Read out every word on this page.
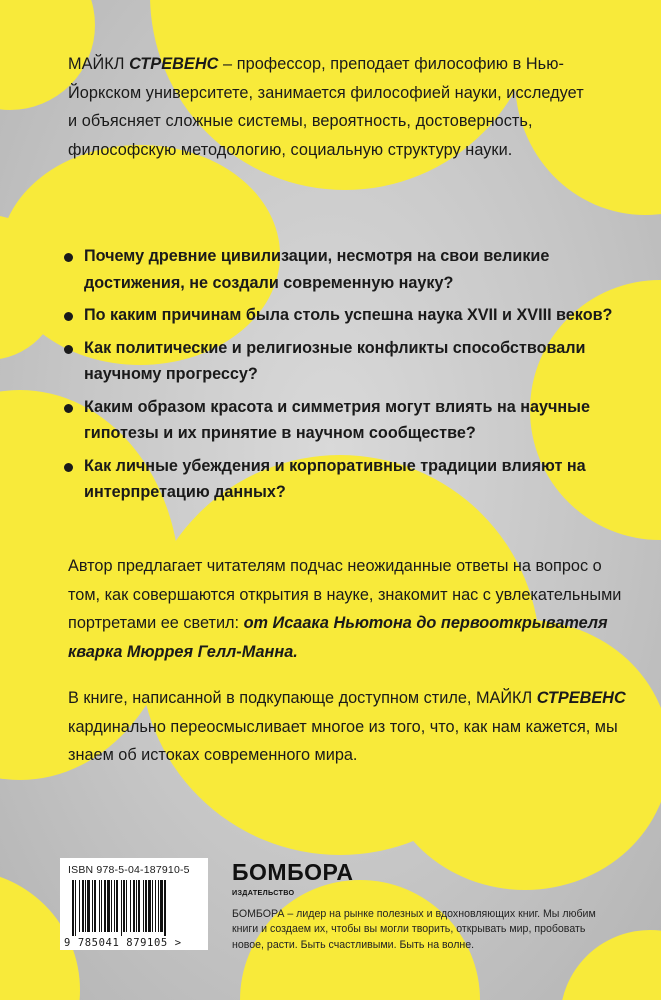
МАЙКЛ СТРЕВЕНС – профессор, преподает философию в Нью-Йоркском университете, занимается философией науки, исследует и объясняет сложные системы, вероятность, достоверность, философскую методологию, социальную структуру науки.
Почему древние цивилизации, несмотря на свои великие достижения, не создали современную науку?
По каким причинам была столь успешна наука XVII и XVIII веков?
Как политические и религиозные конфликты способствовали научному прогрессу?
Каким образом красота и симметрия могут влиять на научные гипотезы и их принятие в научном сообществе?
Как личные убеждения и корпоративные традиции влияют на интерпретацию данных?
Автор предлагает читателям подчас неожиданные ответы на вопрос о том, как совершаются открытия в науке, знакомит нас с увлекательными портретами ее светил: от Исаака Ньютона до первооткрывателя кварка Мюррея Гелл-Манна.
В книге, написанной в подкупающе доступном стиле, МАЙКЛ СТРЕВЕНС кардинально переосмысливает многое из того, что, как нам кажется, мы знаем об истоках современного мира.
ISBN 978-5-04-187910-5
9 785041 879105 >
БОМБОРА
ИЗДАТЕЛЬСТВО
БОМБОРА – лидер на рынке полезных и вдохновляющих книг. Мы любим книги и создаем их, чтобы вы могли творить, открывать мир, пробовать новое, расти. Быть счастливыми. Быть на волне.
